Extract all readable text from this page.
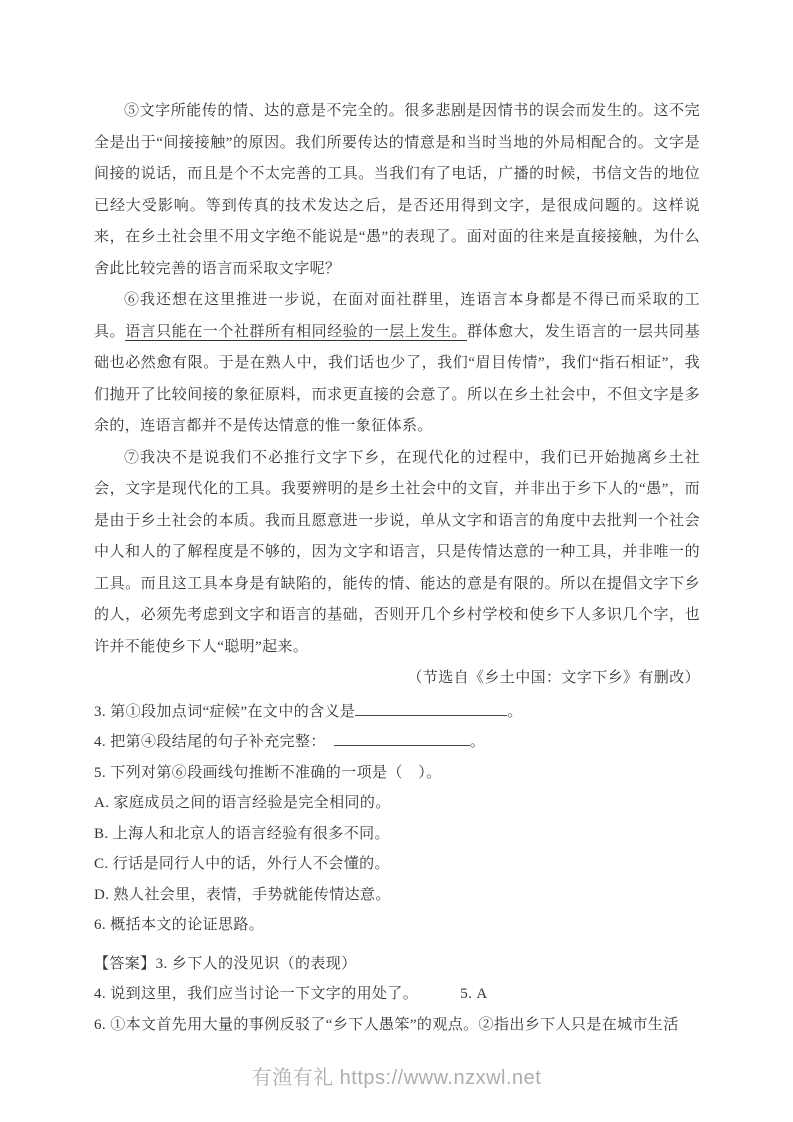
⑤文字所能传的情、达的意是不完全的。很多悲剧是因情书的误会而发生的。这不完全是出于“间接接触”的原因。我们所要传达的情意是和当时当地的外局相配合的。文字是间接的说话，而且是个不太完善的工具。当我们有了电话，广播的时候，书信文告的地位已经大受影响。等到传真的技术发达之后，是否还用得到文字，是很成问题的。这样说来，在乡土社会里不用文字绝不能说是“愚”的表现了。面对面的往来是直接接触，为什么舍此比较完善的语言而采取文字呢？

⑥我还想在这里推进一步说，在面对面社群里，连语言本身都是不得已而采取的工具。语言只能在一个社群所有相同经验的一层上发生。群体愈大，发生语言的一层共同基础也必然愈有限。于是在熟人中，我们话也少了，我们“眉目传情”，我们“指石相证”，我们抛开了比较间接的象征原料，而求更直接的会意了。所以在乡土社会中，不但文字是多余的，连语言都并不是传达情意的惟一象征体系。

⑦我决不是说我们不必推行文字下乡，在现代化的过程中，我们已开始抛离乡土社会，文字是现代化的工具。我要辨明的是乡土社会中的文盲，并非出于乡下人的“愚”，而是由于乡土社会的本质。我而且愿意进一步说，单从文字和语言的角度中去批判一个社会中人和人的了解程度是不够的，因为文字和语言，只是传情达意的一种工具，并非唯一的工具。而且这工具本身是有缺陷的，能传的情、能达的意是有限的。所以在提倡文字下乡的人，必须先考虑到文字和语言的基础，否则开几个乡村学校和使乡下人多识几个字，也许并不能使乡下人“聪明”起来。

（节选自《乡土中国：文字下乡》有删改）

3. 第①段加点词“症候”在文中的含义是	。
4. 把第④段结尾的句子补充完整：	。
5. 下列对第⑥段画线句推断不准确的一项是（　）。
A. 家庭成员之间的语言经验是完全相同的。
B. 上海人和北京人的语言经验有很多不同。
C. 行话是同行人中的话，外行人不会懂的。
D. 熟人社会里，表情，手势就能传情达意。
6. 概括本文的论证思路。
【答案】3. 乡下人的没见识（的表现）
4. 说到这里，我们应当讨论一下文字的用处了。	5. A
6. ①本文首先用大量的事例反驳了“乡下人愚笨”的观点。②指出乡下人只是在城市生活
有渔有礼 https://www.nzxwl.net
